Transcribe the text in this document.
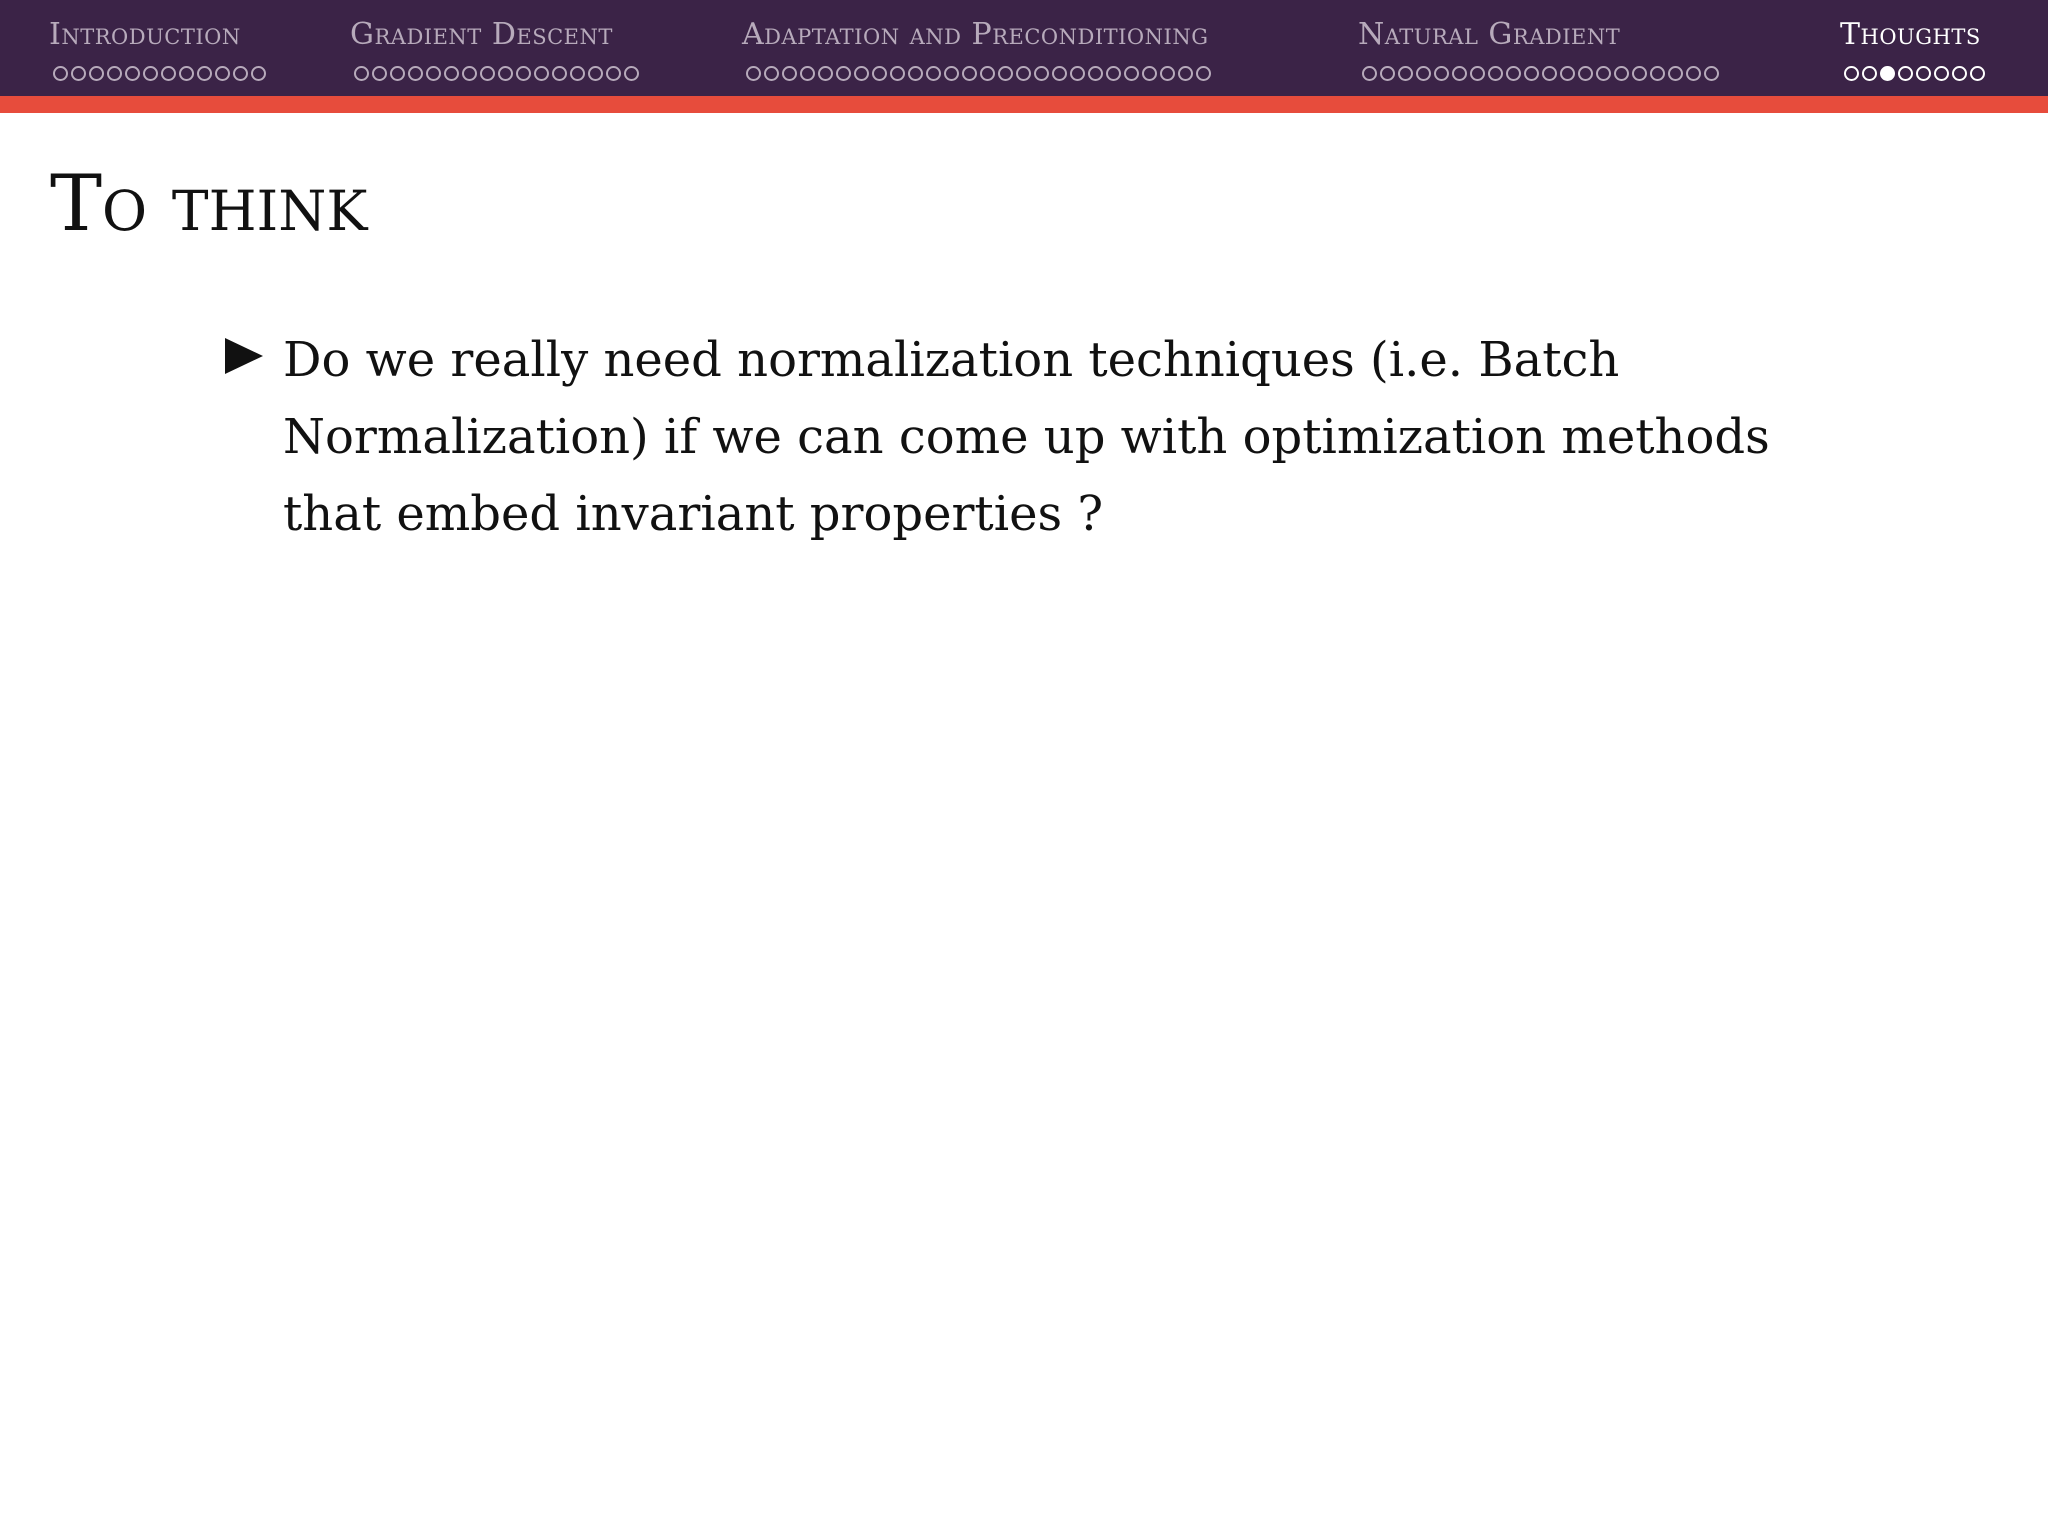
Introduction	Gradient Descent	Adaptation and Preconditioning	Natural Gradient	Thoughts
To think
Do we really need normalization techniques (i.e. Batch Normalization) if we can come up with optimization methods that embed invariant properties ?
